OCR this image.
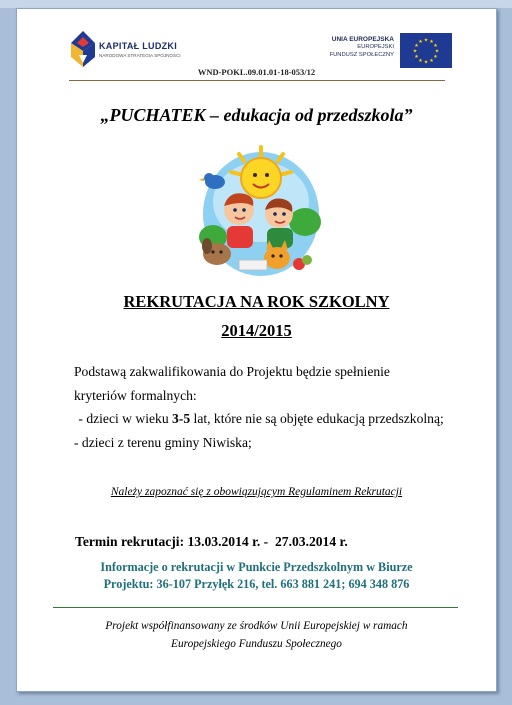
KAPITAŁ LUDZKI
NARODOWA STRATEGIA SPÓJNOŚCI
UNIA EUROPEJSKA
EUROPEJSKI
FUNDUSZ SPOŁECZNY
★ ★
★
★
★
★
★
★
★
★
★
★
WND-POKL.09.01.01-18-053/12
„PUCHATEK – edukacja od przedszkola”
REKRUTACJA NA ROK SZKOLNY
2014/2015
Podstawą zakwalifikowania do Projektu będzie spełnienie
kryteriów formalnych:
- dzieci w wieku 3-5 lat, które nie są objęte edukacją przedszkolną;
- dzieci z terenu gminy Niwiska;
Należy zapoznać się z obowiązującym Regulaminem Rekrutacji
Termin rekrutacji: 13.03.2014 r. -  27.03.2014 r.
Informacje o rekrutacji w Punkcie Przedszkolnym w Biurze
Projektu: 36-107 Przyłęk 216, tel. 663 881 241; 694 348 876
Projekt współfinansowany ze środków Unii Europejskiej w ramach
Europejskiego Funduszu Społecznego
